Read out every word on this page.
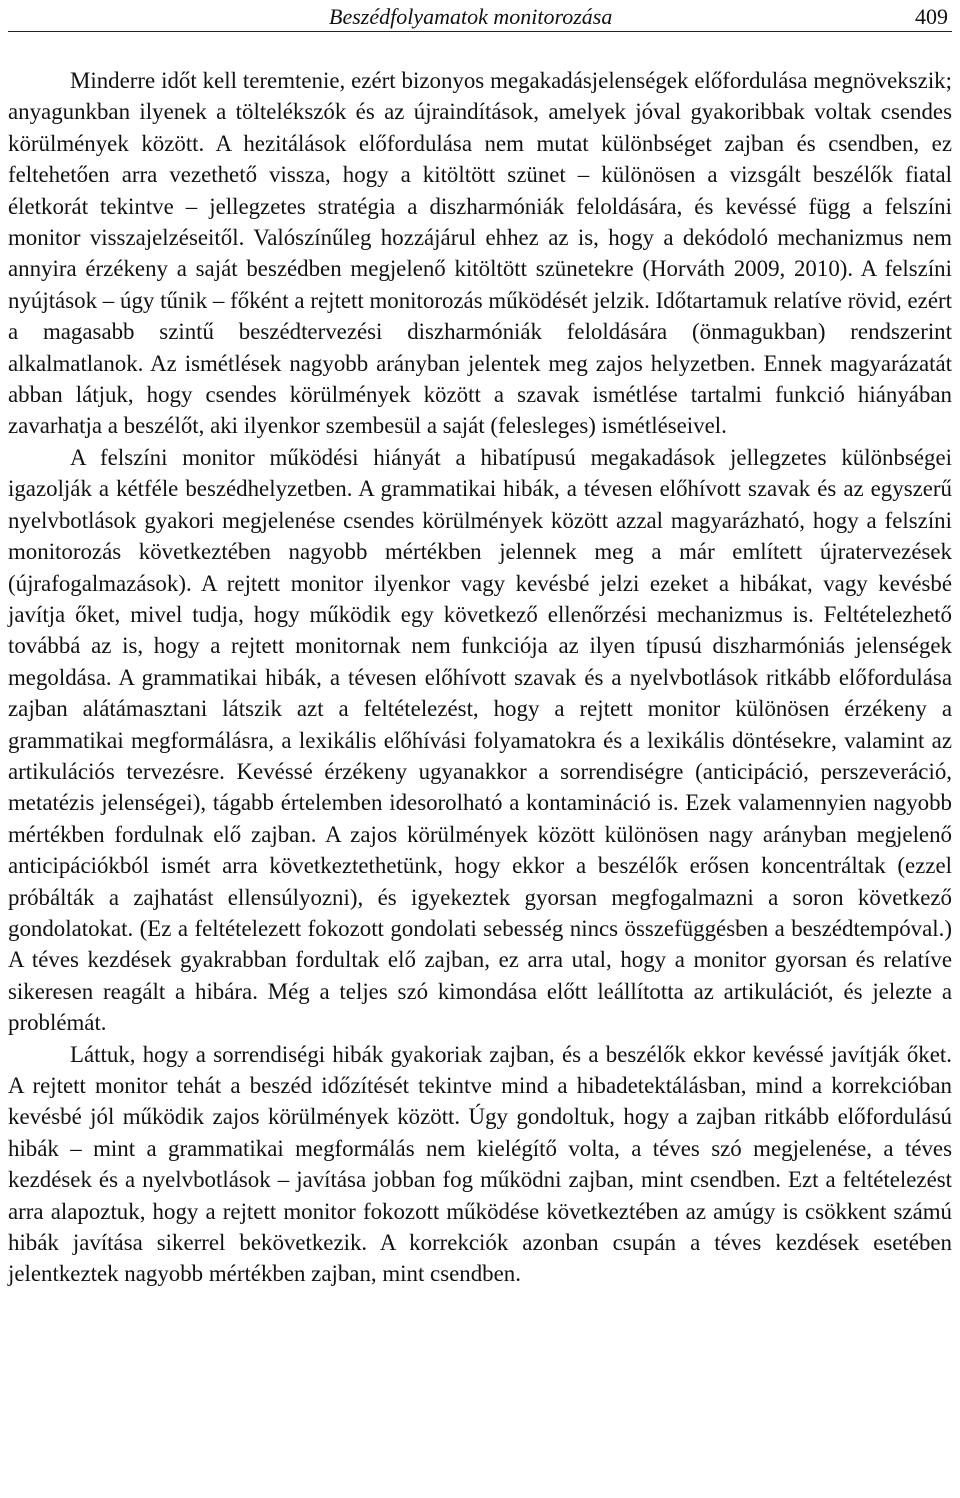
Beszédfolyamatok monitorozása	409

Minderre időt kell teremtenie, ezért bizonyos megakadásjelenségek előfordulása megnövekszik; anyagunkban ilyenek a töltelékszók és az újraindítások, amelyek jóval gyakoribbak voltak csendes körülmények között. A hezitálások előfordulása nem mutat különbséget zajban és csendben, ez feltehetően arra vezethető vissza, hogy a kitöltött szünet – különösen a vizsgált beszélők fiatal életkorát tekintve – jellegzetes stratégia a diszharmóniák feloldására, és kevéssé függ a felszíni monitor visszajelzéseitől. Valószínűleg hozzájárul ehhez az is, hogy a dekódoló mechanizmus nem annyira érzékeny a saját beszédben megjelenő kitöltött szünetekre (Horváth 2009, 2010). A felszíni nyújtások – úgy tűnik – főként a rejtett monitorozás működését jelzik. Időtartamuk relatíve rövid, ezért a magasabb szintű beszédtervezési diszharmóniák feloldására (önmagukban) rendszerint alkalmatlanok. Az ismétlések nagyobb arányban jelentek meg zajos helyzetben. Ennek magyarázatát abban látjuk, hogy csendes körülmények között a szavak ismétlése tartalmi funkció hiányában zavarhatja a beszélőt, aki ilyenkor szembesül a saját (felesleges) ismétléseivel.

A felszíni monitor működési hiányát a hibatípusú megakadások jellegzetes különbségei igazolják a kétféle beszédhelyzetben. A grammatikai hibák, a tévesen előhívott szavak és az egyszerű nyelvbotlások gyakori megjelenése csendes körülmények között azzal magyarázható, hogy a felszíni monitorozás következtében nagyobb mértékben jelennek meg a már említett újratervezések (újrafogalmazások). A rejtett monitor ilyenkor vagy kevésbé jelzi ezeket a hibákat, vagy kevésbé javítja őket, mivel tudja, hogy működik egy következő ellenőrzési mechanizmus is. Feltételezhető továbbá az is, hogy a rejtett monitornak nem funkciója az ilyen típusú diszharmóniás jelenségek megoldása. A grammatikai hibák, a tévesen előhívott szavak és a nyelvbotlások ritkább előfordulása zajban alátámasztani látszik azt a feltételezést, hogy a rejtett monitor különösen érzékeny a grammatikai megformálásra, a lexikális előhívási folyamatokra és a lexikális döntésekre, valamint az artikulációs tervezésre. Kevéssé érzékeny ugyanakkor a sorrendiségre (anticipáció, perszeveráció, metatézis jelenségei), tágabb értelemben idesorolható a kontamináció is. Ezek valamennyien nagyobb mértékben fordulnak elő zajban. A zajos körülmények között különösen nagy arányban megjelenő anticipációkból ismét arra következtethetünk, hogy ekkor a beszélők erősen koncentráltak (ezzel próbálták a zajhatást ellensúlyozni), és igyekeztek gyorsan megfogalmazni a soron következő gondolatokat. (Ez a feltételezett fokozott gondolati sebesség nincs összefüggésben a beszédtempóval.) A téves kezdések gyakrabban fordultak elő zajban, ez arra utal, hogy a monitor gyorsan és relatíve sikeresen reagált a hibára. Még a teljes szó kimondása előtt leállította az artikulációt, és jelezte a problémát.

Láttuk, hogy a sorrendiségi hibák gyakoriak zajban, és a beszélők ekkor kevéssé javítják őket. A rejtett monitor tehát a beszéd időzítését tekintve mind a hibadetektálásban, mind a korrekcióban kevésbé jól működik zajos körülmények között. Úgy gondoltuk, hogy a zajban ritkább előfordulású hibák – mint a grammatikai megformálás nem kielégítő volta, a téves szó megjelenése, a téves kezdések és a nyelvbotlások – javítása jobban fog működni zajban, mint csendben. Ezt a feltételezést arra alapoztuk, hogy a rejtett monitor fokozott működése következtében az amúgy is csökkent számú hibák javítása sikerrel bekövetkezik. A korrekciók azonban csupán a téves kezdések esetében jelentkeztek nagyobb mértékben zajban, mint csendben.
